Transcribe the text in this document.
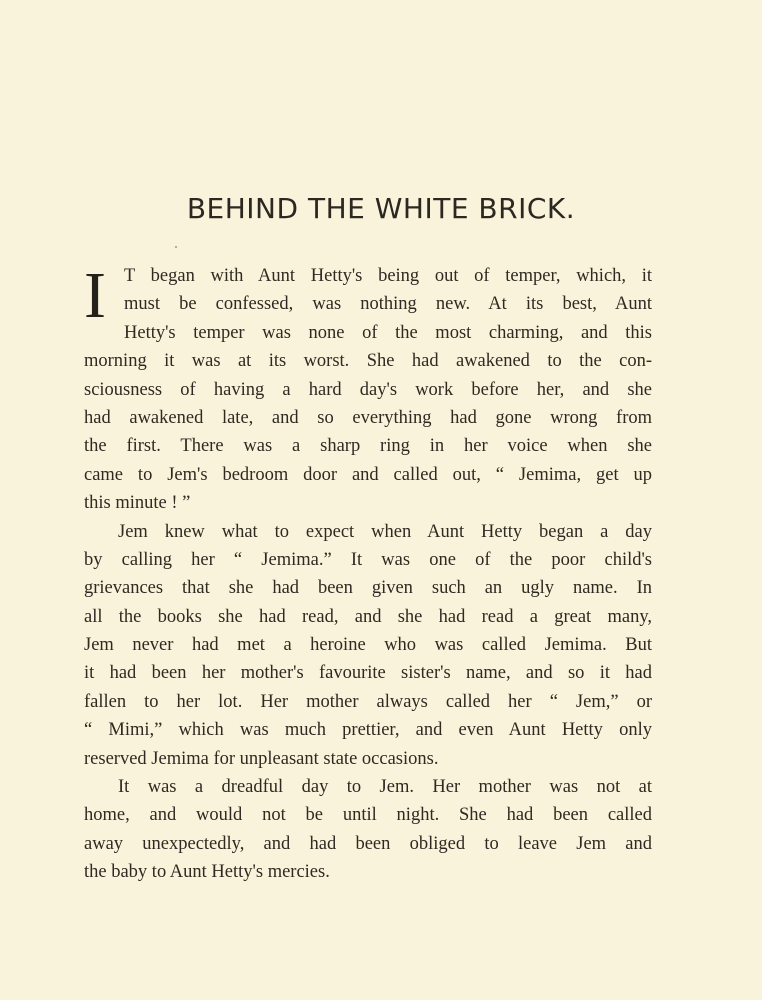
BEHIND THE WHITE BRICK.
I T began with Aunt Hetty's being out of temper, which, it
must be confessed, was nothing new. At its best, Aunt
Hetty's temper was none of the most charming, and this
morning it was at its worst. She had awakened to the con-
sciousness of having a hard day's work before her, and she
had awakened late, and so everything had gone wrong from
the first. There was a sharp ring in her voice when she
came to Jem's bedroom door and called out, “ Jemima, get up
this minute ! ”
Jem knew what to expect when Aunt Hetty began a day
by calling her “ Jemima.” It was one of the poor child's
grievances that she had been given such an ugly name. In
all the books she had read, and she had read a great many,
Jem never had met a heroine who was called Jemima. But
it had been her mother's favourite sister's name, and so it had
fallen to her lot. Her mother always called her “ Jem,” or
“ Mimi,” which was much prettier, and even Aunt Hetty only
reserved Jemima for unpleasant state occasions.
It was a dreadful day to Jem. Her mother was not at
home, and would not be until night. She had been called
away unexpectedly, and had been obliged to leave Jem and
the baby to Aunt Hetty's mercies.
